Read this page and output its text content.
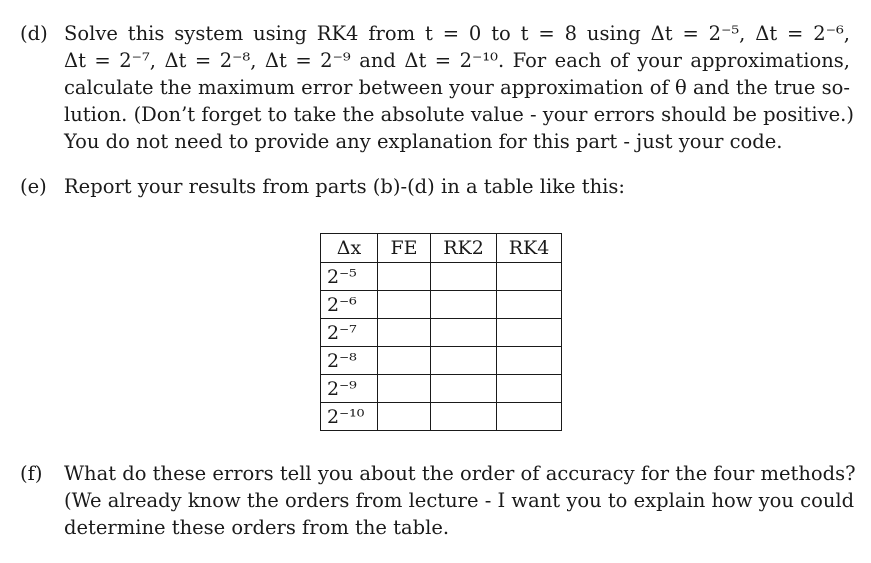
(d) Solve this system using RK4 from t = 0 to t = 8 using Δt = 2⁻⁵, Δt = 2⁻⁶,
Δt = 2⁻⁷, Δt = 2⁻⁸, Δt = 2⁻⁹ and Δt = 2⁻¹⁰. For each of your approximations,
calculate the maximum error between your approximation of θ and the true so-
lution. (Don’t forget to take the absolute value - your errors should be positive.)
You do not need to provide any explanation for this part - just your code.
(e) Report your results from parts (b)-(d) in a table like this:
Δx	FE	RK2	RK4
2⁻⁵			
2⁻⁶			
2⁻⁷			
2⁻⁸			
2⁻⁹			
2⁻¹⁰			
(f) What do these errors tell you about the order of accuracy for the four methods?
(We already know the orders from lecture - I want you to explain how you could
determine these orders from the table.
